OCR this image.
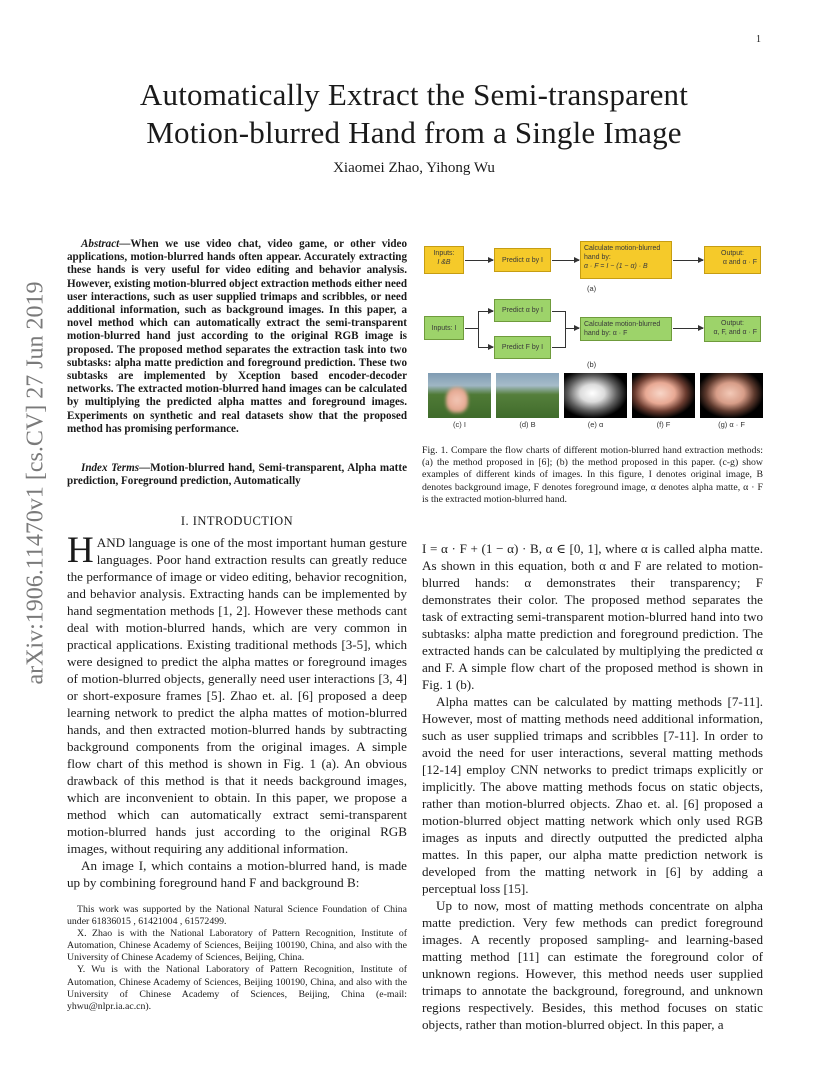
1
Automatically Extract the Semi-transparent
Motion-blurred Hand from a Single Image
Xiaomei Zhao, Yihong Wu
arXiv:1906.11470v1 [cs.CV] 27 Jun 2019
Abstract—When we use video chat, video game, or other video applications, motion-blurred hands often appear. Accurately extracting these hands is very useful for video editing and behavior analysis. However, existing motion-blurred object extraction methods either need user interactions, such as user supplied trimaps and scribbles, or need additional information, such as background images. In this paper, a novel method which can automatically extract the semi-transparent motion-blurred hand just according to the original RGB image is proposed. The proposed method separates the extraction task into two subtasks: alpha matte prediction and foreground prediction. These two subtasks are implemented by Xception based encoder-decoder networks. The extracted motion-blurred hand images can be calculated by multiplying the predicted alpha mattes and foreground images. Experiments on synthetic and real datasets show that the proposed method has promising performance.
Index Terms—Motion-blurred hand, Semi-transparent, Alpha matte prediction, Foreground prediction, Automatically
I. INTRODUCTION

HAND language is one of the most important human gesture languages. Poor hand extraction results can greatly reduce the performance of image or video editing, behavior recognition, and behavior analysis. Extracting hands can be implemented by hand segmentation methods [1, 2]. However these methods cant deal with motion-blurred hands, which are very common in practical applications. Existing traditional methods [3-5], which were designed to predict the alpha mattes or foreground images of motion-blurred objects, generally need user interactions [3, 4] or short-exposure frames [5]. Zhao et. al. [6] proposed a deep learning network to predict the alpha mattes of motion-blurred hands, and then extracted motion-blurred hands by subtracting background components from the original images. A simple flow chart of this method is shown in Fig. 1 (a). An obvious drawback of this method is that it needs background images, which are inconvenient to obtain. In this paper, we propose a method which can automatically extract semi-transparent motion-blurred hands just according to the original RGB images, without requiring any additional information.

An image I, which contains a motion-blurred hand, is made up by combining foreground hand F and background B:

This work was supported by the National Natural Science Foundation of China under 61836015 , 61421004 , 61572499.

X. Zhao is with the National Laboratory of Pattern Recognition, Institute of Automation, Chinese Academy of Sciences, Beijing 100190, China, and also with the University of Chinese Academy of Sciences, Beijing, China.

Y. Wu is with the National Laboratory of Pattern Recognition, Institute of Automation, Chinese Academy of Sciences, Beijing 100190, China, and also with the University of Chinese Academy of Sciences, Beijing, China (e-mail: yhwu@nlpr.ia.ac.cn).

Inputs:
I &B	Predict α by I
Calculate motion-blurred hand by:
α · F = I − (1 − α) · B
Output:
α and α · F
(a)
Inputs: I
Predict α by I
Predict F by I
Calculate motion-blurred hand by: α · F
Output:
α, F, and α · F
(b)
(c) I	(d) B	(e) α	(f) F	(g) α · F
Fig. 1. Compare the flow charts of different motion-blurred hand extraction methods: (a) the method proposed in [6]; (b) the method proposed in this paper. (c-g) show examples of different kinds of images. In this figure, I denotes original image, B denotes background image, F denotes foreground image, α denotes alpha matte, α · F is the extracted motion-blurred hand.

I = α · F + (1 − α) · B, α ∈ [0, 1], where α is called alpha matte. As shown in this equation, both α and F are related to motion-blurred hands: α demonstrates their transparency; F demonstrates their color. The proposed method separates the task of extracting semi-transparent motion-blurred hand into two subtasks: alpha matte prediction and foreground prediction. The extracted hands can be calculated by multiplying the predicted α and F. A simple flow chart of the proposed method is shown in Fig. 1 (b).

Alpha mattes can be calculated by matting methods [7-11]. However, most of matting methods need additional information, such as user supplied trimaps and scribbles [7-11]. In order to avoid the need for user interactions, several matting methods [12-14] employ CNN networks to predict trimaps explicitly or implicitly. The above matting methods focus on static objects, rather than motion-blurred objects. Zhao et. al. [6] proposed a motion-blurred object matting network which only used RGB images as inputs and directly outputted the predicted alpha mattes. In this paper, our alpha matte prediction network is developed from the matting network in [6] by adding a perceptual loss [15].

Up to now, most of matting methods concentrate on alpha matte prediction. Very few methods can predict foreground images. A recently proposed sampling- and learning-based matting method [11] can estimate the foreground color of unknown regions. However, this method needs user supplied trimaps to annotate the background, foreground, and unknown regions respectively. Besides, this method focuses on static objects, rather than motion-blurred object. In this paper, a
